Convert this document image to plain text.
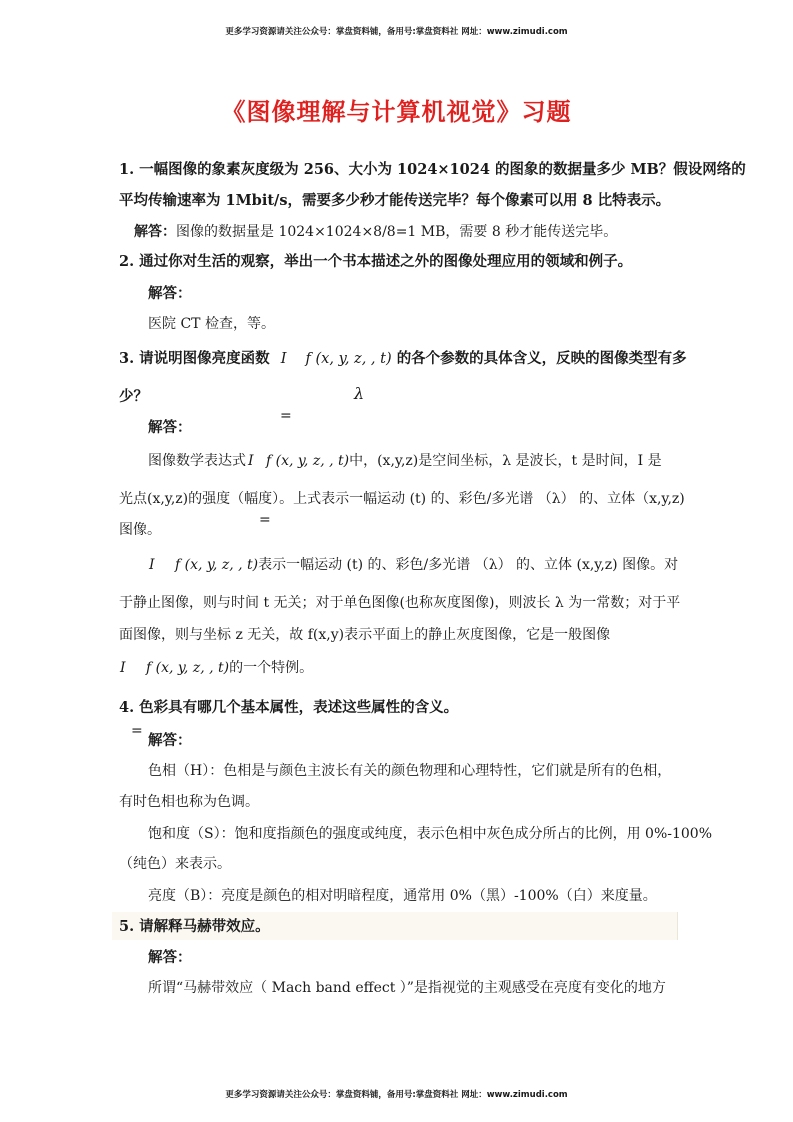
更多学习资源请关注公众号：掌盘资料铺，备用号:掌盘资料社 网址：www.zimudi.com
《图像理解与计算机视觉》习题
1. 一幅图像的象素灰度级为 256、大小为 1024×1024 的图象的数据量多少 MB？假设网络的
平均传输速率为 1Mbit/s，需要多少秒才能传送完毕？每个像素可以用 8 比特表示。
解答：图像的数据量是 1024×1024×8/8=1 MB，需要 8 秒才能传送完毕。
2. 通过你对生活的观察，举出一个书本描述之外的图像处理应用的领域和例子。
解答：
医院 CT 检查，等。
3. 请说明图像亮度函数 I f (x, y, z, , t) 的各个参数的具体含义，反映的图像类型有多
少？	λ
=
解答：
图像数学表达式 I f (x, y, z, , t)中，(x,y,z)是空间坐标，λ 是波长，t 是时间，I 是
光点(x,y,z)的强度（幅度）。上式表示一幅运动 (t) 的、彩色/多光谱 （λ） 的、立体（x,y,z)
图像。
=
I f (x, y, z, , t)表示一幅运动 (t) 的、彩色/多光谱 （λ） 的、立体 (x,y,z) 图像。对
于静止图像，则与时间 t 无关；对于单色图像(也称灰度图像)，则波长 λ 为一常数；对于平
面图像，则与坐标 z 无关，故 f(x,y)表示平面上的静止灰度图像，它是一般图像
I f (x, y, z, , t)的一个特例。
4. 色彩具有哪几个基本属性，表述这些属性的含义。
=
解答：
色相（H）：色相是与颜色主波长有关的颜色物理和心理特性，它们就是所有的色相，
有时色相也称为色调。
饱和度（S）：饱和度指颜色的强度或纯度，表示色相中灰色成分所占的比例，用 0%-100%
（纯色）来表示。
亮度（B）：亮度是颜色的相对明暗程度，通常用 0%（黑）-100%（白）来度量。
5. 请解释马赫带效应。
解答：
所谓“马赫带效应（ Mach band effect ）”是指视觉的主观感受在亮度有变化的地方
更多学习资源请关注公众号：掌盘资料铺，备用号:掌盘资料社 网址：www.zimudi.com
